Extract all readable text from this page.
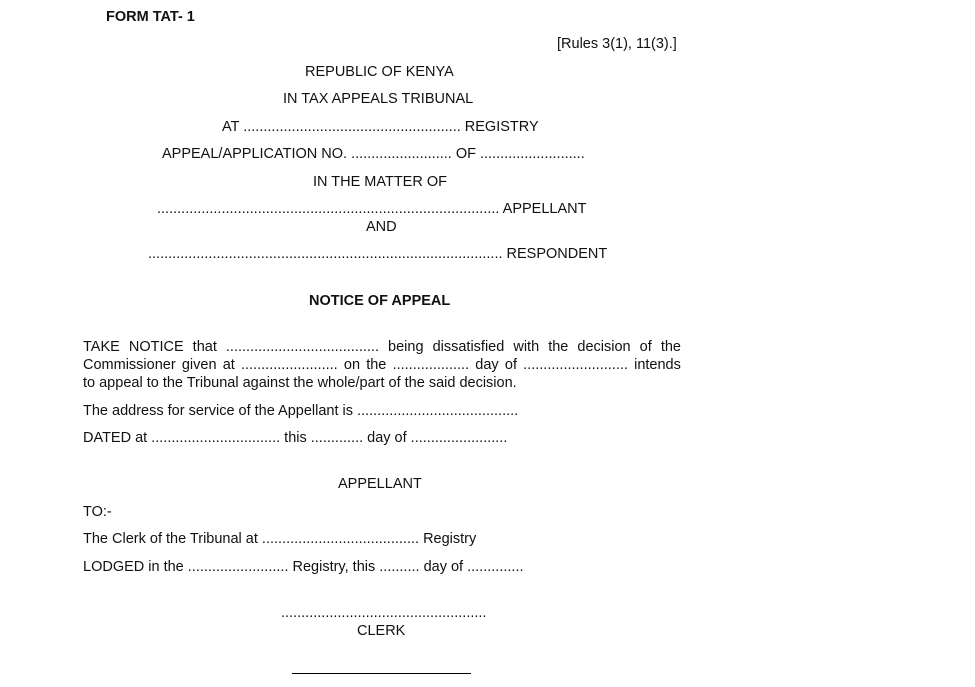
FORM TAT- 1
[Rules 3(1), 11(3).]
REPUBLIC OF KENYA
IN TAX APPEALS TRIBUNAL
AT ...................................................... REGISTRY
APPEAL/APPLICATION NO. ......................... OF ..........................
IN THE MATTER OF
..................................................................................... APPELLANT
AND
........................................................................................ RESPONDENT
NOTICE OF APPEAL
TAKE NOTICE that ...................................... being dissatisfied with the decision of the
Commissioner given at ........................ on the ................... day of .......................... intends
to appeal to the Tribunal against the whole/part of the said decision.
The address for service of the Appellant is ........................................
DATED at ................................ this ............. day of ........................
APPELLANT
TO:-
The Clerk of the Tribunal at ....................................... Registry
LODGED in the ......................... Registry, this .......... day of ..............
...................................................
CLERK
